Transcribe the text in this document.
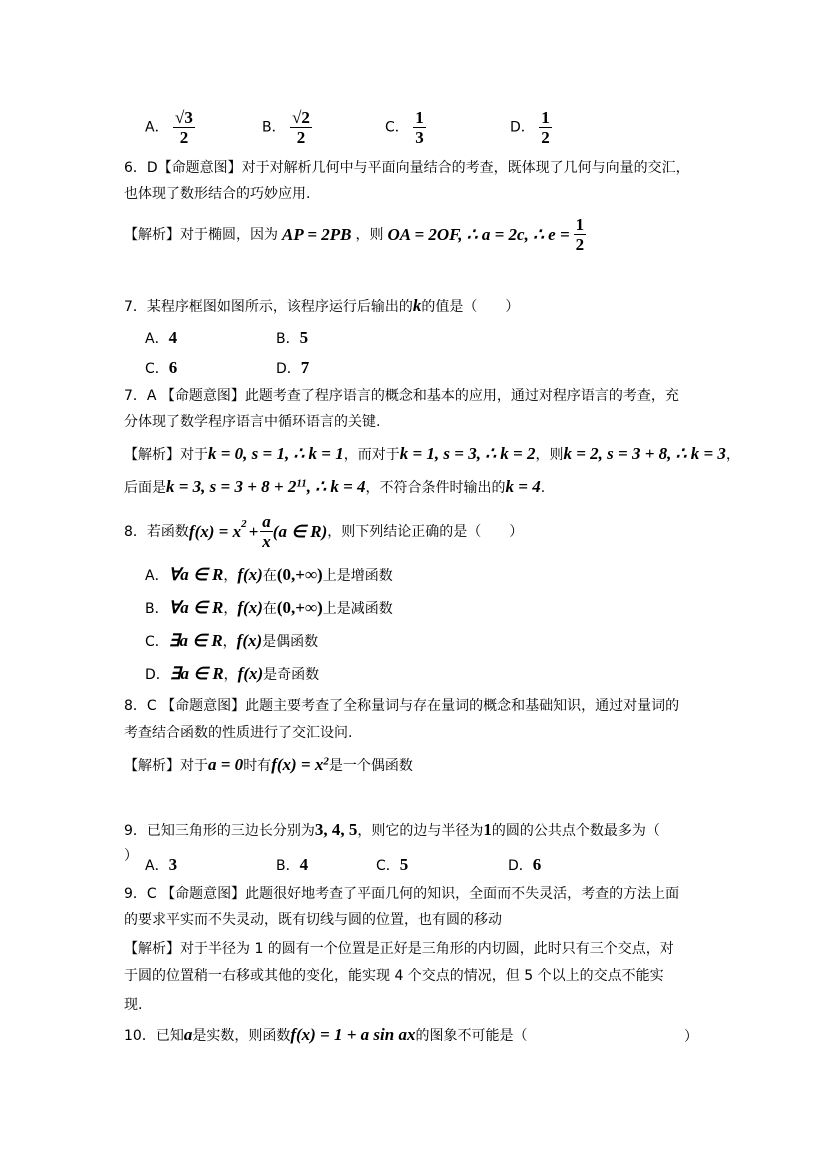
A． $\frac{√3}{2}$	B． $\frac{√2}{2}$	C． $\frac{1}{3}$	D． $\frac{1}{2}$
6．D【命题意图】对于对解析几何中与平面向量结合的考查，既体现了几何与向量的交汇，
也体现了数形结合的巧妙应用.
【解析】对于椭圆，因为 AP = 2PB ，则 OA = 2OF, ∴ a = 2c, ∴ $e = \frac{1}{2}$
7．某程序框图如图所示，该程序运行后输出的k的值是（　　）
A．4	B．5
C．6	D．7
7．A 【命题意图】此题考查了程序语言的概念和基本的应用，通过对程序语言的考查，充
分体现了数学程序语言中循环语言的关键.
【解析】对于k = 0, s = 1, ∴ k = 1，而对于k = 1, s = 3, ∴ k = 2，则k = 2, s = 3 + 8, ∴ k = 3，
后面是k = 3, $s = 3 + 8 + 2^{11}$, ∴ k = 4，不符合条件时输出的k = 4.
8．若函数 $f(x) = x^2 + \frac{a}{x} (a$ ∈ R) ，则下列结论正确的是（　　）
A．∀a ∈ R，f(x)在(0,+∞)上是增函数
B．∀a ∈ R，f(x)在(0,+∞)上是减函数
C．∃a ∈ R，f(x)是偶函数
D．∃a ∈ R，f(x)是奇函数
8．C 【命题意图】此题主要考查了全称量词与存在量词的概念和基础知识，通过对量词的
考查结合函数的性质进行了交汇设问.
【解析】对于a = 0时有$f(x) = x^2$是一个偶函数
9．已知三角形的三边长分别为3, 4, 5，则它的边与半径为1的圆的公共点个数最多为（
）
A．3	B．4	C．5	D．6
9．C 【命题意图】此题很好地考查了平面几何的知识，全面而不失灵活，考查的方法上面
的要求平实而不失灵动，既有切线与圆的位置，也有圆的移动
【解析】对于半径为 1 的圆有一个位置是正好是三角形的内切圆，此时只有三个交点，对
于圆的位置稍一右移或其他的变化，能实现 4 个交点的情况，但 5 个以上的交点不能实
现.
10．已知a是实数，则函数f(x) = 1 + a sin ax的图象不可能是（	）
